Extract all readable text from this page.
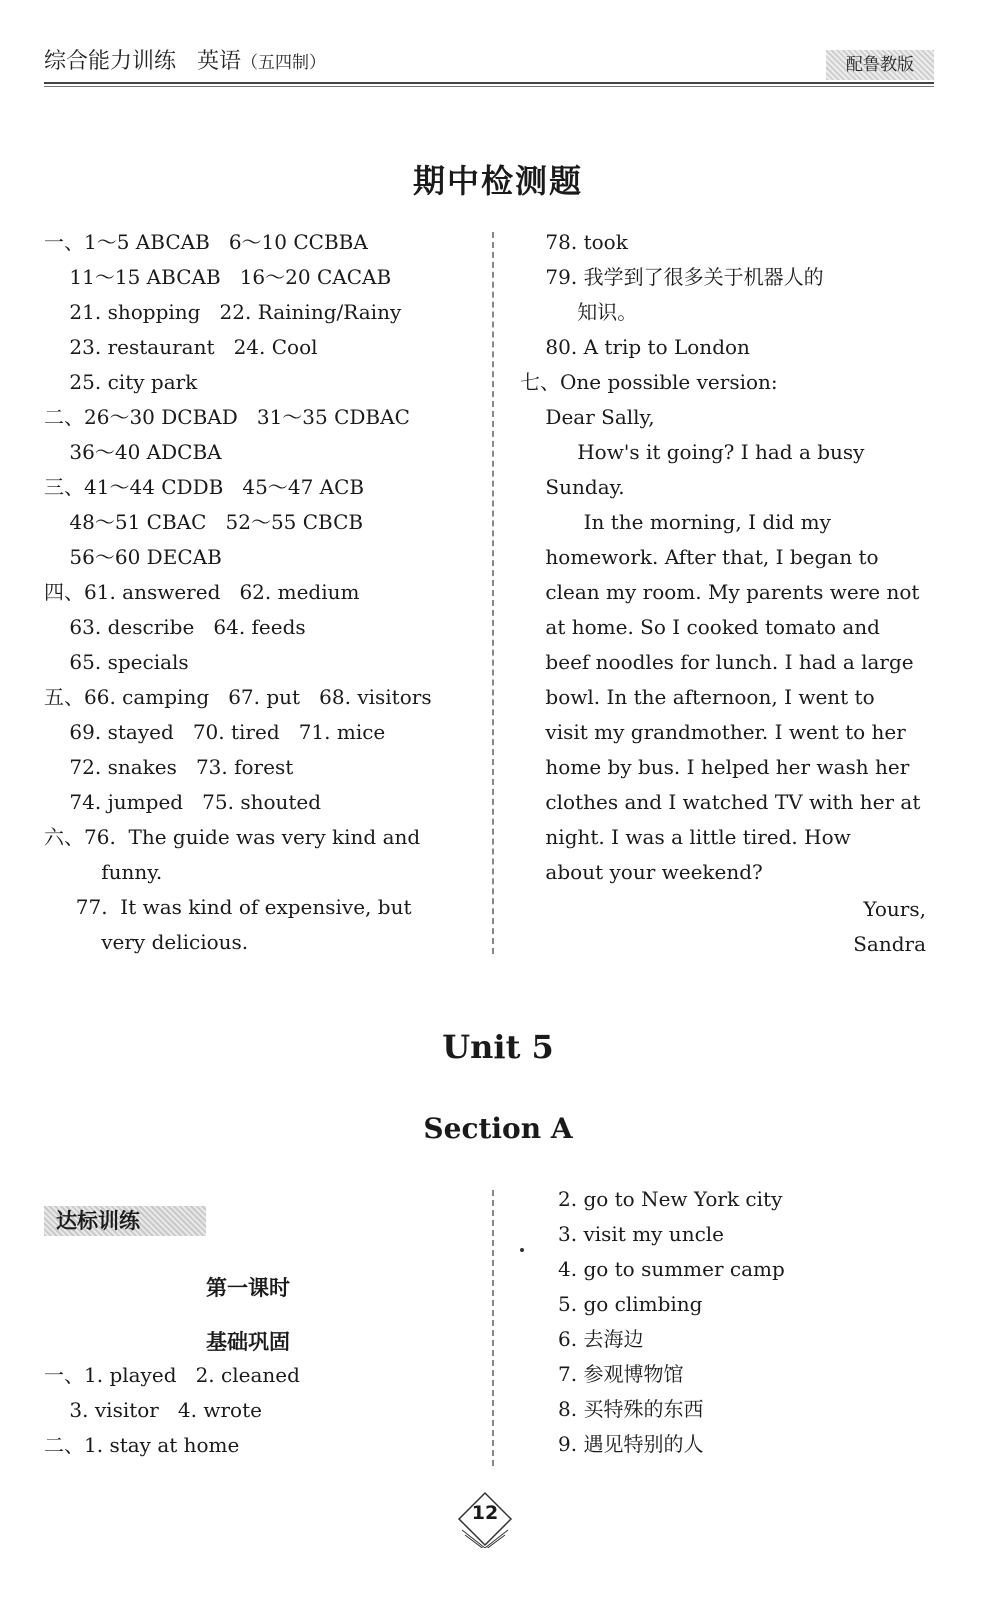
综合能力训练 英语（五四制）	配鲁教版
期中检测题
一、1～5 ABCAB   6～10 CCBBA
11～15 ABCAB   16～20 CACAB
21. shopping   22. Raining/Rainy
23. restaurant   24. Cool
25. city park
二、26～30 DCBAD   31～35 CDBAC
36～40 ADCBA
三、41～44 CDDB   45～47 ACB
48～51 CBAC   52～55 CBCB
56～60 DECAB
四、61. answered   62. medium
63. describe   64. feeds
65. specials
五、66. camping   67. put   68. visitors
69. stayed   70. tired   71. mice
72. snakes   73. forest
74. jumped   75. shouted
六、76.  The guide was very kind and
funny.
77.  It was kind of expensive, but
very delicious.
78. took
79. 我学到了很多关于机器人的
知识。
80. A trip to London
七、One possible version:
Dear Sally,
How's it going? I had a busy
Sunday.
In the morning, I did my
homework. After that, I began to
clean my room. My parents were not
at home. So I cooked tomato and
beef noodles for lunch. I had a large
bowl. In the afternoon, I went to
visit my grandmother. I went to her
home by bus. I helped her wash her
clothes and I watched TV with her at
night. I was a little tired. How
about your weekend?
Yours,
Sandra
Unit 5
Section A
达标训练
第一课时
基础巩固
一、1. played   2. cleaned
3. visitor   4. wrote
二、1. stay at home
2. go to New York city
3. visit my uncle
4. go to summer camp
5. go climbing
6. 去海边
7. 参观博物馆
8. 买特殊的东西
9. 遇见特别的人
12
